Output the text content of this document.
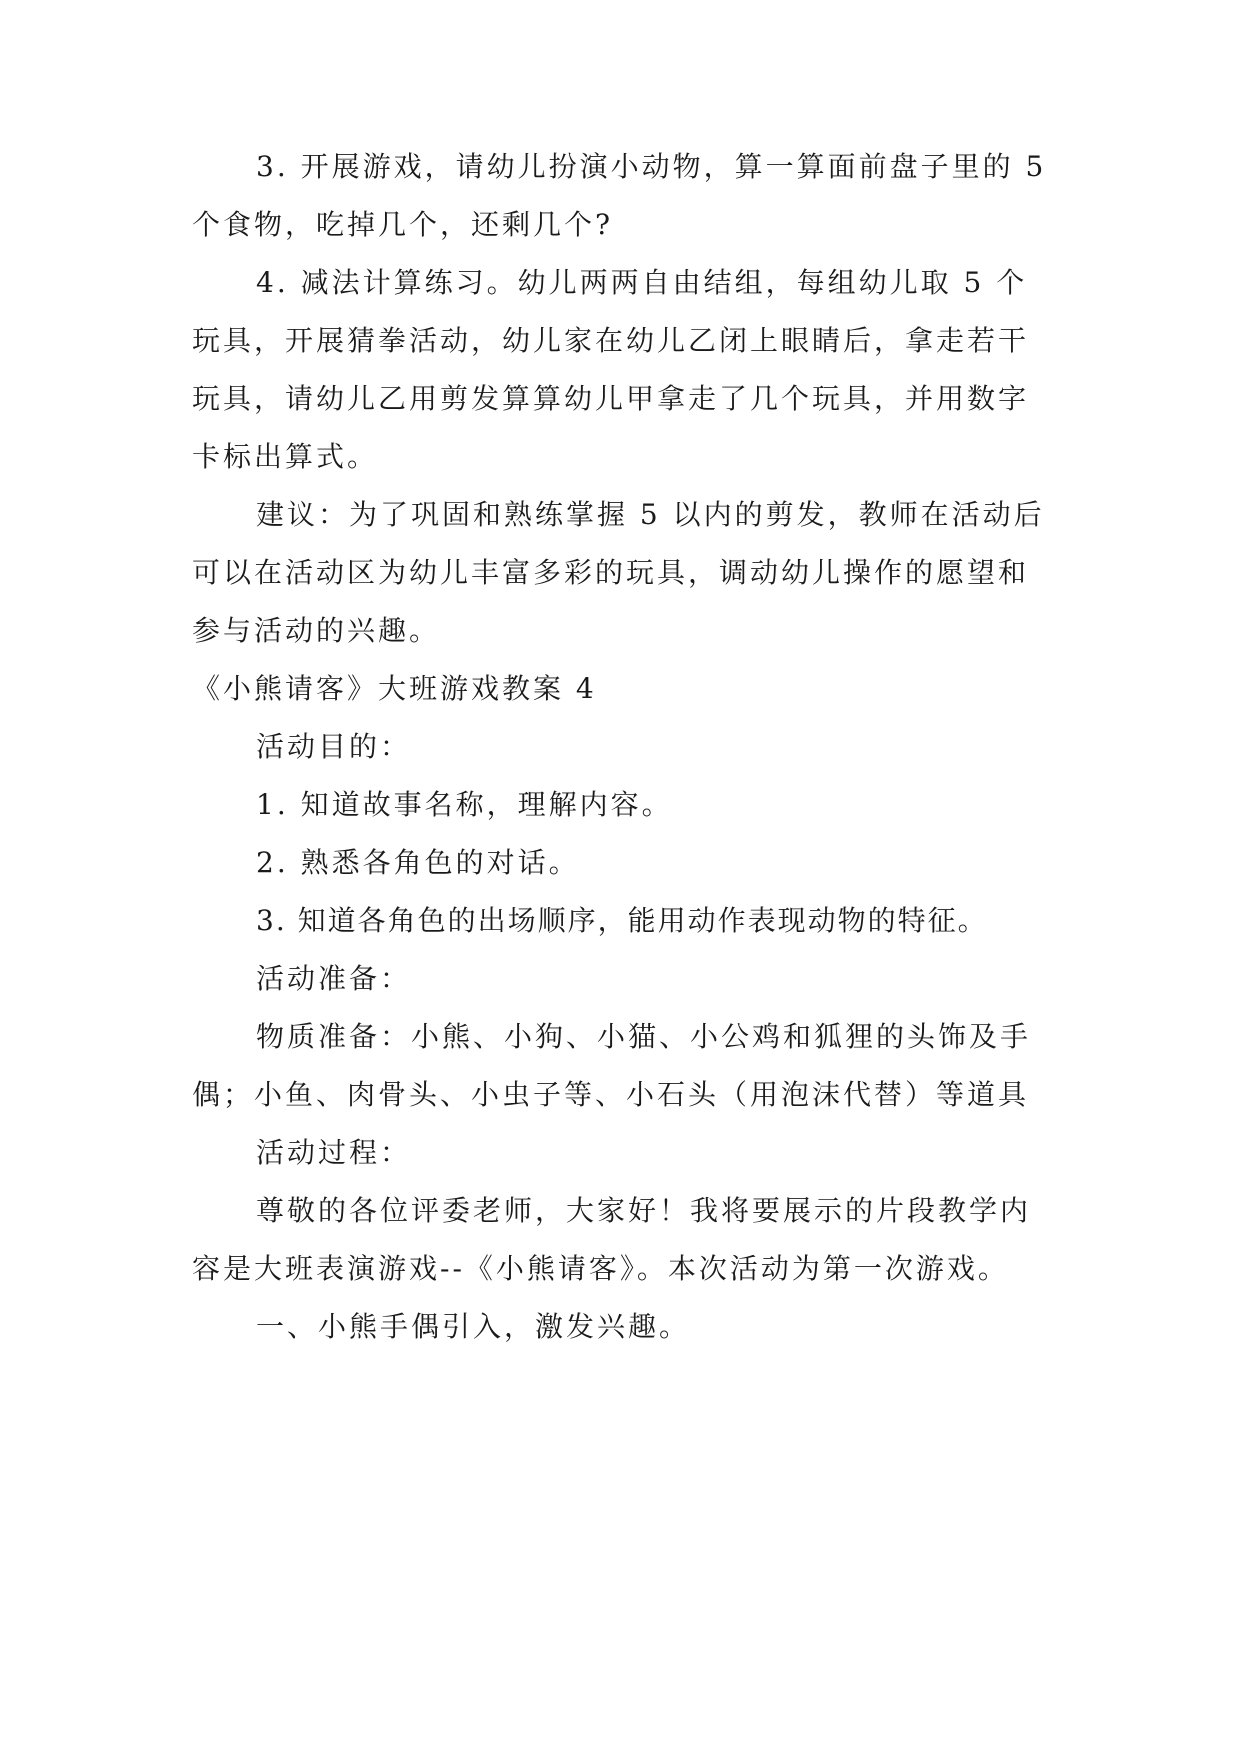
3. 开展游戏，请幼儿扮演小动物，算一算面前盘子里的 5 个食物，吃掉几个，还剩几个?

4. 减法计算练习。幼儿两两自由结组，每组幼儿取 5 个玩具，开展猜拳活动，幼儿家在幼儿乙闭上眼睛后，拿走若干玩具，请幼儿乙用剪发算算幼儿甲拿走了几个玩具，并用数字卡标出算式。

建议：为了巩固和熟练掌握 5 以内的剪发，教师在活动后可以在活动区为幼儿丰富多彩的玩具，调动幼儿操作的愿望和参与活动的兴趣。

《小熊请客》大班游戏教案 4

活动目的：

1. 知道故事名称，理解内容。

2. 熟悉各角色的对话。

3. 知道各角色的出场顺序，能用动作表现动物的特征。

活动准备：

物质准备：小熊、小狗、小猫、小公鸡和狐狸的头饰及手偶；小鱼、肉骨头、小虫子等、小石头（用泡沫代替）等道具

活动过程：

尊敬的各位评委老师，大家好！我将要展示的片段教学内容是大班表演游戏--《小熊请客》。本次活动为第一次游戏。

一、小熊手偶引入，激发兴趣。
